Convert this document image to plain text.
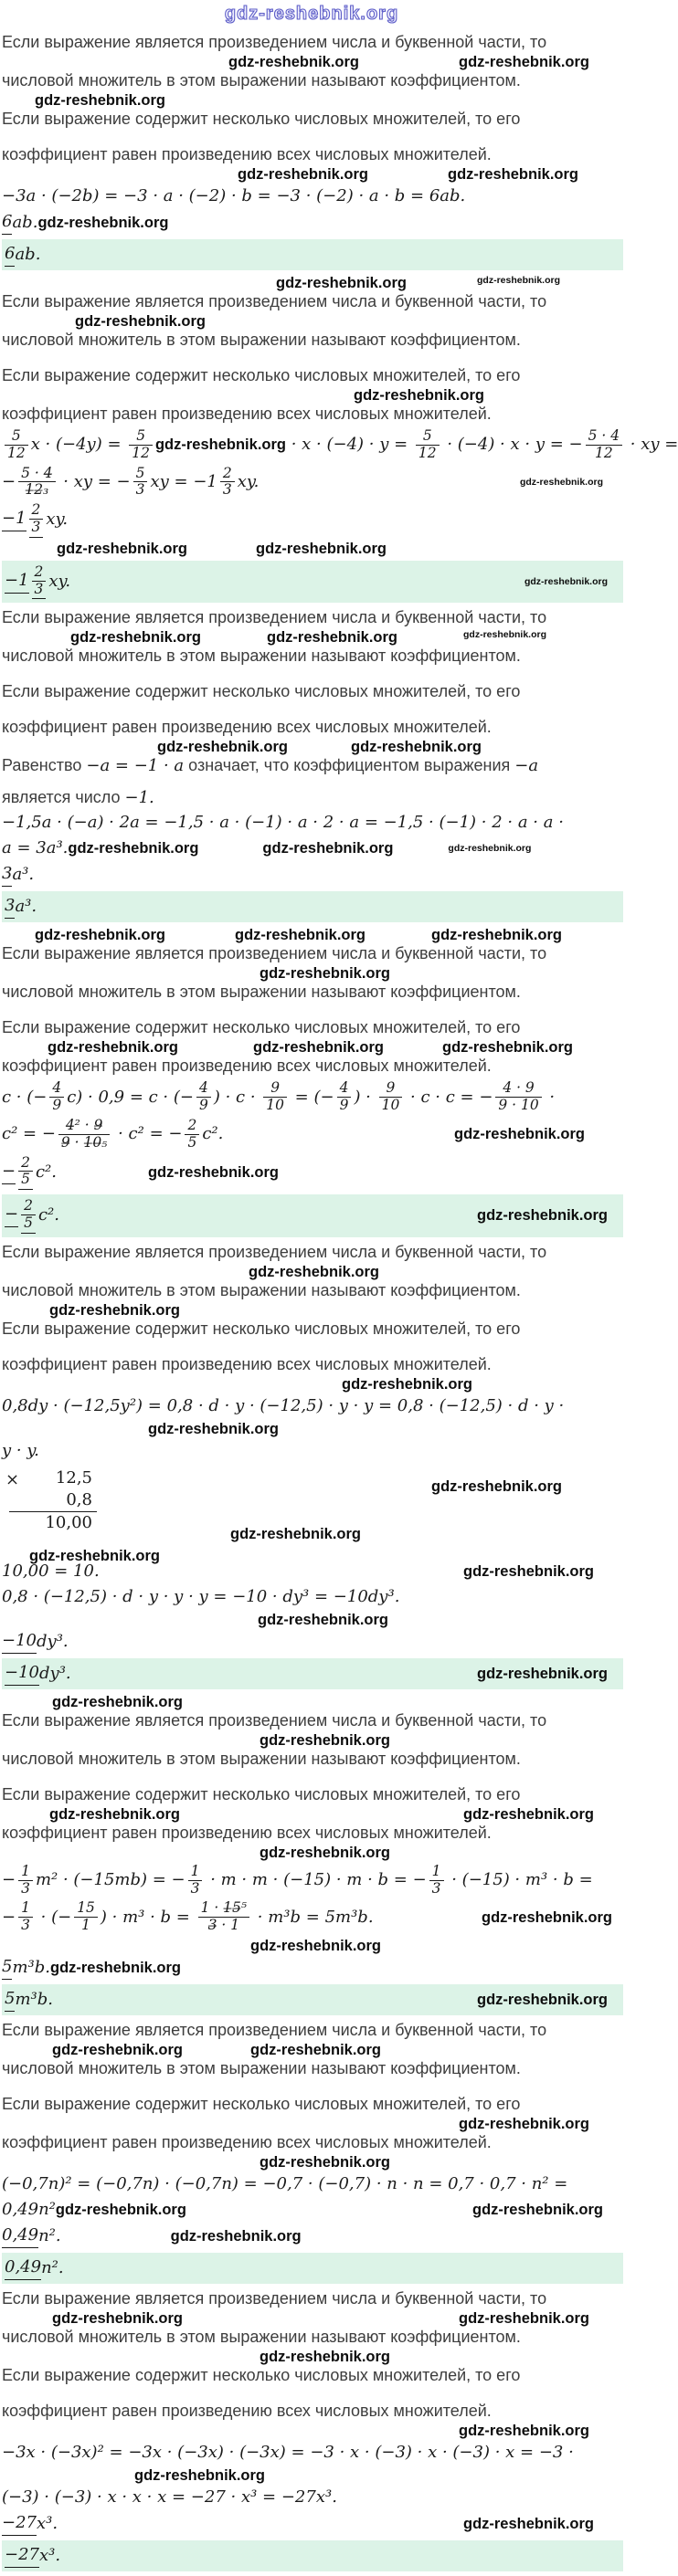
gdz-reshebnik.org
Если выражение является произведением числа и буквенной части, то
gdz-reshebnik.org	gdz-reshebnik.org
числовой множитель в этом выражении называют коэффициентом.
gdz-reshebnik.org
Если выражение содержит несколько числовых множителей, то его
коэффициент равен произведению всех числовых множителей.
gdz-reshebnik.org	gdz-reshebnik.org
−3a · (−2b) = −3 · a · (−2) · b = −3 · (−2) · a · b = 6ab.
6 ab. gdz-reshebnik.org
6 ab.
gdz-reshebnik.org	gdz-reshebnik.org
Если выражение является произведением числа и буквенной части, то
gdz-reshebnik.org
числовой множитель в этом выражении называют коэффициентом.
Если выражение содержит несколько числовых множителей, то его
gdz-reshebnik.org
коэффициент равен произведению всех числовых множителей.
$\frac{5}{12}$ $x \cdot (-4y) = \frac{5}{12}$ gdz-reshebnik.org · $x \cdot (-4) \cdot y = \frac{5}{12} \cdot (-4) \cdot x \cdot y$ = − $\frac{5 \cdot 4}{12}$ · xy =
− $\frac{5 \cdot 4̶}{\text{1̶2̶₃}}$ · xy = − $\frac{5}{3}$ xy = $-1 \frac{2}{3}$ xy.	gdz-reshebnik.org
$-1 \frac{2}{3}$ xy.
gdz-reshebnik.org	gdz-reshebnik.org
$-1 \frac{2}{3}$ xy.	gdz-reshebnik.org
Если выражение является произведением числа и буквенной части, то
gdz-reshebnik.org	gdz-reshebnik.org	gdz-reshebnik.org
числовой множитель в этом выражении называют коэффициентом.
Если выражение содержит несколько числовых множителей, то его
коэффициент равен произведению всех числовых множителей.
gdz-reshebnik.org	gdz-reshebnik.org
Равенство −a = −1 · a означает, что коэффициентом выражения −a
является число −1.
−1,5a · (−a) · 2a = −1,5 · a · (−1) · a · 2 · a = −1,5 · (−1) · 2 · a · a ·
a = 3a³. gdz-reshebnik.org	gdz-reshebnik.org	gdz-reshebnik.org
3 a³.
3 a³.
gdz-reshebnik.org	gdz-reshebnik.org	gdz-reshebnik.org
Если выражение является произведением числа и буквенной части, то
gdz-reshebnik.org
числовой множитель в этом выражении называют коэффициентом.
Если выражение содержит несколько числовых множителей, то его
gdz-reshebnik.org	gdz-reshebnik.org	gdz-reshebnik.org
коэффициент равен произведению всех числовых множителей.
c · (− $\frac{4}{9} c) \cdot 0,9 = c$ · (− $\frac{4}{9}$ ) · $c \cdot \frac{9}{10}$ = (− $\frac{4}{9}$ ) · $\frac{9}{10} \cdot c \cdot c$ = − $\frac{4 \cdot 9}{9 \cdot 10}$ ·
c² = − $\frac{\text{4̶² · 9̶}}{\text{9̶ · 1̶0̶₅}} \cdot c^2$ = − $\frac{2}{5} c^2$.	gdz-reshebnik.org
− $\frac{2}{5} c^2$.	gdz-reshebnik.org
− $\frac{2}{5} c^2$.	gdz-reshebnik.org
Если выражение является произведением числа и буквенной части, то
gdz-reshebnik.org
числовой множитель в этом выражении называют коэффициентом.
gdz-reshebnik.org
Если выражение содержит несколько числовых множителей, то его
коэффициент равен произведению всех числовых множителей.
gdz-reshebnik.org
0,8dy · (−12,5y²) = 0,8 · d · y · (−12,5) · y · y = 0,8 · (−12,5) · d · y ·
gdz-reshebnik.org
y · y.
×	12,5
0,8
10,00
gdz-reshebnik.org
gdz-reshebnik.org
gdz-reshebnik.org
10,00 = 10.	gdz-reshebnik.org
0,8 · (−12,5) · d · y · y · y = −10 · dy³ = −10dy³.
gdz-reshebnik.org
−10 dy³.
−10 dy³.	gdz-reshebnik.org
gdz-reshebnik.org
Если выражение является произведением числа и буквенной части, то
gdz-reshebnik.org
числовой множитель в этом выражении называют коэффициентом.
Если выражение содержит несколько числовых множителей, то его
gdz-reshebnik.org	gdz-reshebnik.org
коэффициент равен произведению всех числовых множителей.
gdz-reshebnik.org
− $\frac{1}{3} m^2 \cdot (-15mb)$ = − $\frac{1}{3} \cdot m \cdot m \cdot (-15) \cdot m \cdot b$ = − $\frac{1}{3} \cdot (-15) \cdot m^3 \cdot b$ =
− $\frac{1}{3}$ · (− $\frac{15}{1}$ ) · $m^3 \cdot b = \frac{\text{1 · 1̶5̶⁵}}{3̶ \cdot 1} \cdot m^3b = 5m^3b$.	gdz-reshebnik.org
gdz-reshebnik.org
5 m³b. gdz-reshebnik.org
5 m³b.	gdz-reshebnik.org
Если выражение является произведением числа и буквенной части, то
gdz-reshebnik.org	gdz-reshebnik.org
числовой множитель в этом выражении называют коэффициентом.
Если выражение содержит несколько числовых множителей, то его
gdz-reshebnik.org
коэффициент равен произведению всех числовых множителей.
gdz-reshebnik.org
(−0,7n)² = (−0,7n) · (−0,7n) = −0,7 · (−0,7) · n · n = 0,7 · 0,7 · n² =
0,49n² gdz-reshebnik.org	gdz-reshebnik.org
0,49 n².	gdz-reshebnik.org
0,49 n².
Если выражение является произведением числа и буквенной части, то
gdz-reshebnik.org	gdz-reshebnik.org
числовой множитель в этом выражении называют коэффициентом.
gdz-reshebnik.org
Если выражение содержит несколько числовых множителей, то его
коэффициент равен произведению всех числовых множителей.
gdz-reshebnik.org
−3x · (−3x)² = −3x · (−3x) · (−3x) = −3 · x · (−3) · x · (−3) · x = −3 ·
gdz-reshebnik.org
(−3) · (−3) · x · x · x = −27 · x³ = −27x³.
−27 x³.	gdz-reshebnik.org
−27 x³.
